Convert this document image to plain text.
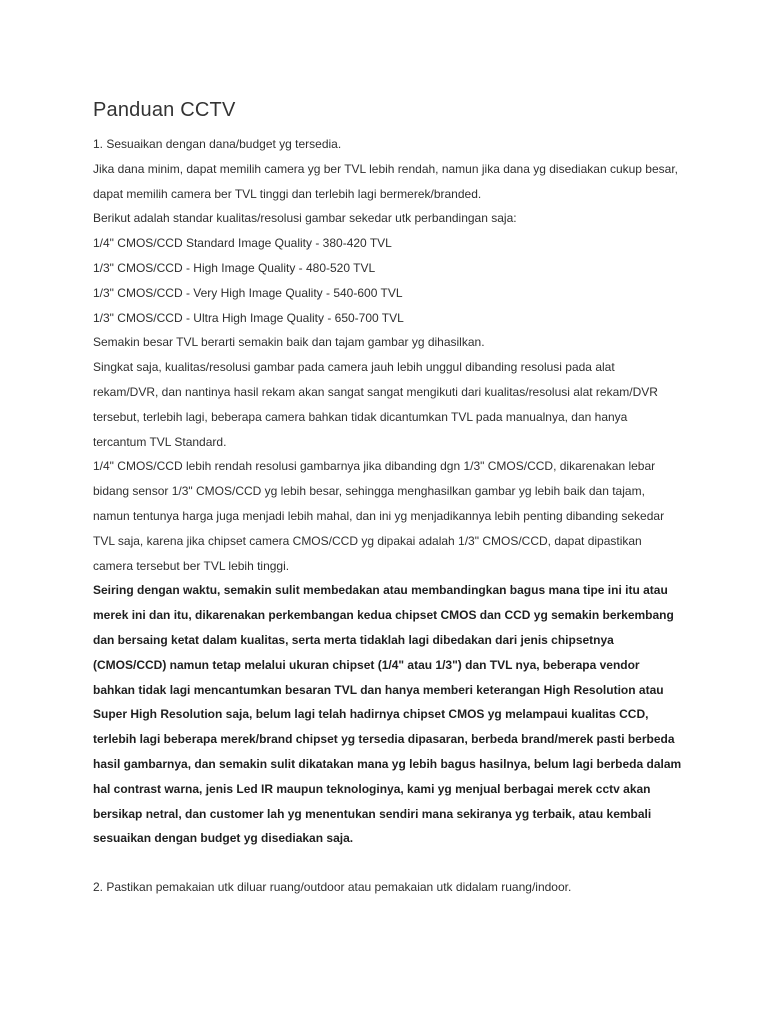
Panduan CCTV

1. Sesuaikan dengan dana/budget yg tersedia.

Jika dana minim, dapat memilih camera yg ber TVL lebih rendah, namun jika dana yg disediakan cukup besar, dapat memilih camera ber TVL tinggi dan terlebih lagi bermerek/branded.

Berikut adalah standar kualitas/resolusi gambar sekedar utk perbandingan saja:

1/4" CMOS/CCD Standard Image Quality - 380-420 TVL

1/3" CMOS/CCD - High Image Quality - 480-520 TVL

1/3" CMOS/CCD - Very High Image Quality - 540-600 TVL

1/3" CMOS/CCD - Ultra High Image Quality - 650-700 TVL

Semakin besar TVL berarti semakin baik dan tajam gambar yg dihasilkan.

Singkat saja, kualitas/resolusi gambar pada camera jauh lebih unggul dibanding resolusi pada alat rekam/DVR, dan nantinya hasil rekam akan sangat sangat mengikuti dari kualitas/resolusi alat rekam/DVR tersebut, terlebih lagi, beberapa camera bahkan tidak dicantumkan TVL pada manualnya, dan hanya tercantum TVL Standard.

1/4" CMOS/CCD lebih rendah resolusi gambarnya jika dibanding dgn 1/3" CMOS/CCD, dikarenakan lebar bidang sensor 1/3" CMOS/CCD yg lebih besar, sehingga menghasilkan gambar yg lebih baik dan tajam, namun tentunya harga juga menjadi lebih mahal, dan ini yg menjadikannya lebih penting dibanding sekedar TVL saja, karena jika chipset camera CMOS/CCD yg dipakai adalah 1/3" CMOS/CCD, dapat dipastikan camera tersebut ber TVL lebih tinggi.

Seiring dengan waktu, semakin sulit membedakan atau membandingkan bagus mana tipe ini itu atau merek ini dan itu, dikarenakan perkembangan kedua chipset CMOS dan CCD yg semakin berkembang dan bersaing ketat dalam kualitas, serta merta tidaklah lagi dibedakan dari jenis chipsetnya (CMOS/CCD) namun tetap melalui ukuran chipset (1/4" atau 1/3") dan TVL nya, beberapa vendor bahkan tidak lagi mencantumkan besaran TVL dan hanya memberi keterangan High Resolution atau Super High Resolution saja, belum lagi telah hadirnya chipset CMOS yg melampaui kualitas CCD, terlebih lagi beberapa merek/brand chipset yg tersedia dipasaran, berbeda brand/merek pasti berbeda hasil gambarnya, dan semakin sulit dikatakan mana yg lebih bagus hasilnya, belum lagi berbeda dalam hal contrast warna, jenis Led IR maupun teknologinya, kami yg menjual berbagai merek cctv akan bersikap netral, dan customer lah yg menentukan sendiri mana sekiranya yg terbaik, atau kembali sesuaikan dengan budget yg disediakan saja.

2. Pastikan pemakaian utk diluar ruang/outdoor atau pemakaian utk didalam ruang/indoor.
